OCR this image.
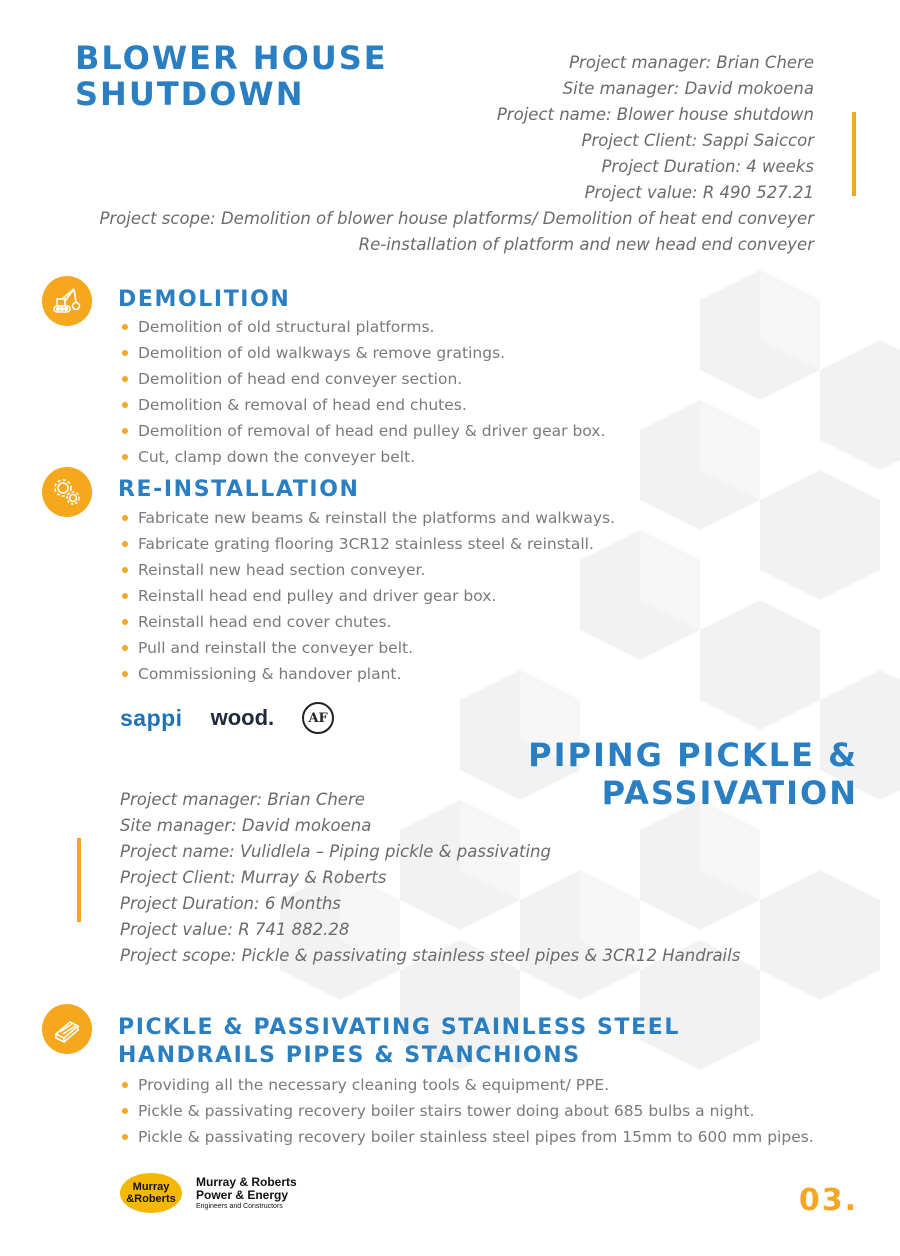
BLOWER HOUSE
SHUTDOWN
Project manager: Brian Chere
Site manager: David mokoena
Project name: Blower house shutdown
Project Client: Sappi Saiccor
Project Duration: 4 weeks
Project value: R 490 527.21
Project scope: Demolition of blower house platforms/ Demolition of heat end conveyer
Re-installation of platform and new head end conveyer
DEMOLITION
Demolition of old structural platforms.
Demolition of old walkways & remove gratings.
Demolition of head end conveyer section.
Demolition & removal of head end chutes.
Demolition of removal of head end pulley & driver gear box.
Cut, clamp down the conveyer belt.
RE-INSTALLATION
Fabricate new beams & reinstall the platforms and walkways.
Fabricate grating flooring 3CR12 stainless steel & reinstall.
Reinstall new head section conveyer.
Reinstall head end pulley and driver gear box.
Reinstall head end cover chutes.
Pull and reinstall the conveyer belt.
Commissioning & handover plant.
sappi wood.	AF
PIPING PICKLE &
PASSIVATION
Project manager: Brian Chere
Site manager: David mokoena
Project name: Vulidlela – Piping pickle & passivating
Project Client: Murray & Roberts
Project Duration: 6 Months
Project value: R 741 882.28
Project scope: Pickle & passivating stainless steel pipes & 3CR12 Handrails
PICKLE & PASSIVATING STAINLESS STEEL
HANDRAILS PIPES & STANCHIONS
Providing all the necessary cleaning tools & equipment/ PPE.
Pickle & passivating recovery boiler stairs tower doing about 685 bulbs a night.
Pickle & passivating recovery boiler stainless steel pipes from 15mm to 600 mm pipes.
Murray
&Roberts
Murray & Roberts
Power & Energy
Engineers and Constructors	03.
